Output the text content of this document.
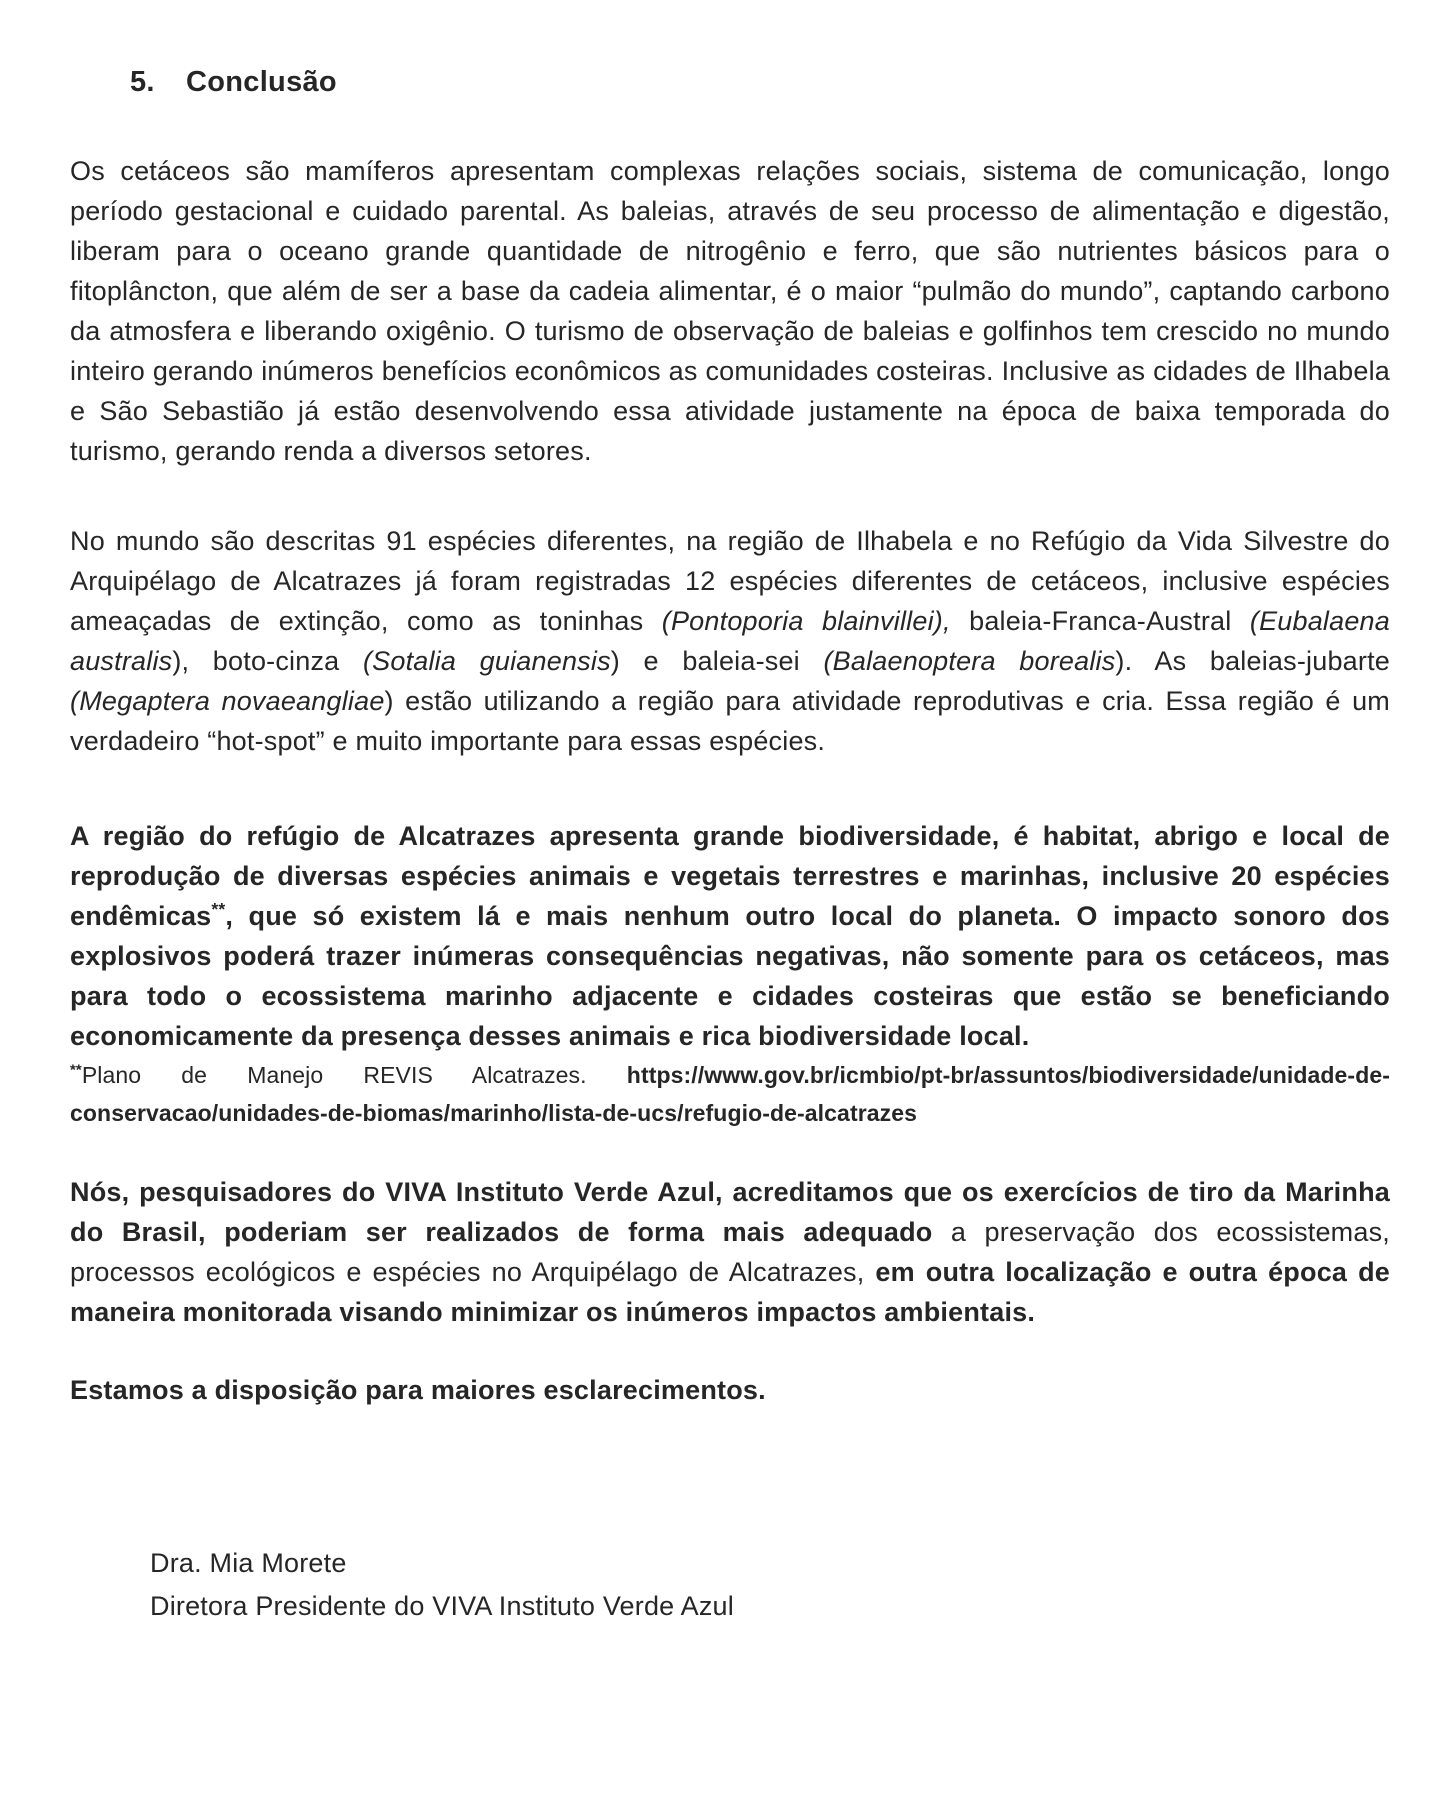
5.	Conclusão

Os cetáceos são mamíferos apresentam complexas relações sociais, sistema de comunicação, longo período gestacional e cuidado parental. As baleias, através de seu processo de alimentação e digestão, liberam para o oceano grande quantidade de nitrogênio e ferro, que são nutrientes básicos para o fitoplâncton, que além de ser a base da cadeia alimentar, é o maior “pulmão do mundo”, captando carbono da atmosfera e liberando oxigênio. O turismo de observação de baleias e golfinhos tem crescido no mundo inteiro gerando inúmeros benefícios econômicos as comunidades costeiras. Inclusive as cidades de Ilhabela e São Sebastião já estão desenvolvendo essa atividade justamente na época de baixa temporada do turismo, gerando renda a diversos setores.

No mundo são descritas 91 espécies diferentes, na região de Ilhabela e no Refúgio da Vida Silvestre do Arquipélago de Alcatrazes já foram registradas 12 espécies diferentes de cetáceos, inclusive espécies ameaçadas de extinção, como as toninhas (Pontoporia blainvillei), baleia-Franca-Austral (Eubalaena australis), boto-cinza (Sotalia guianensis) e baleia-sei (Balaenoptera borealis). As baleias-jubarte (Megaptera novaeangliae) estão utilizando a região para atividade reprodutivas e cria. Essa região é um verdadeiro “hot-spot” e muito importante para essas espécies.

A região do refúgio de Alcatrazes apresenta grande biodiversidade, é habitat, abrigo e local de reprodução de diversas espécies animais e vegetais terrestres e marinhas, inclusive 20 espécies endêmicas**, que só existem lá e mais nenhum outro local do planeta. O impacto sonoro dos explosivos poderá trazer inúmeras consequências negativas, não somente para os cetáceos, mas para todo o ecossistema marinho adjacente e cidades costeiras que estão se beneficiando economicamente da presença desses animais e rica biodiversidade local.

**Plano de Manejo REVIS Alcatrazes. https://www.gov.br/icmbio/pt-br/assuntos/biodiversidade/unidade-de-conservacao/unidades-de-biomas/marinho/lista-de-ucs/refugio-de-alcatrazes

Nós, pesquisadores do VIVA Instituto Verde Azul, acreditamos que os exercícios de tiro da Marinha do Brasil, poderiam ser realizados de forma mais adequado a preservação dos ecossistemas, processos ecológicos e espécies no Arquipélago de Alcatrazes, em outra localização e outra época de maneira monitorada visando minimizar os inúmeros impactos ambientais.

Estamos a disposição para maiores esclarecimentos.

Dra. Mia Morete
Diretora Presidente do VIVA Instituto Verde Azul
